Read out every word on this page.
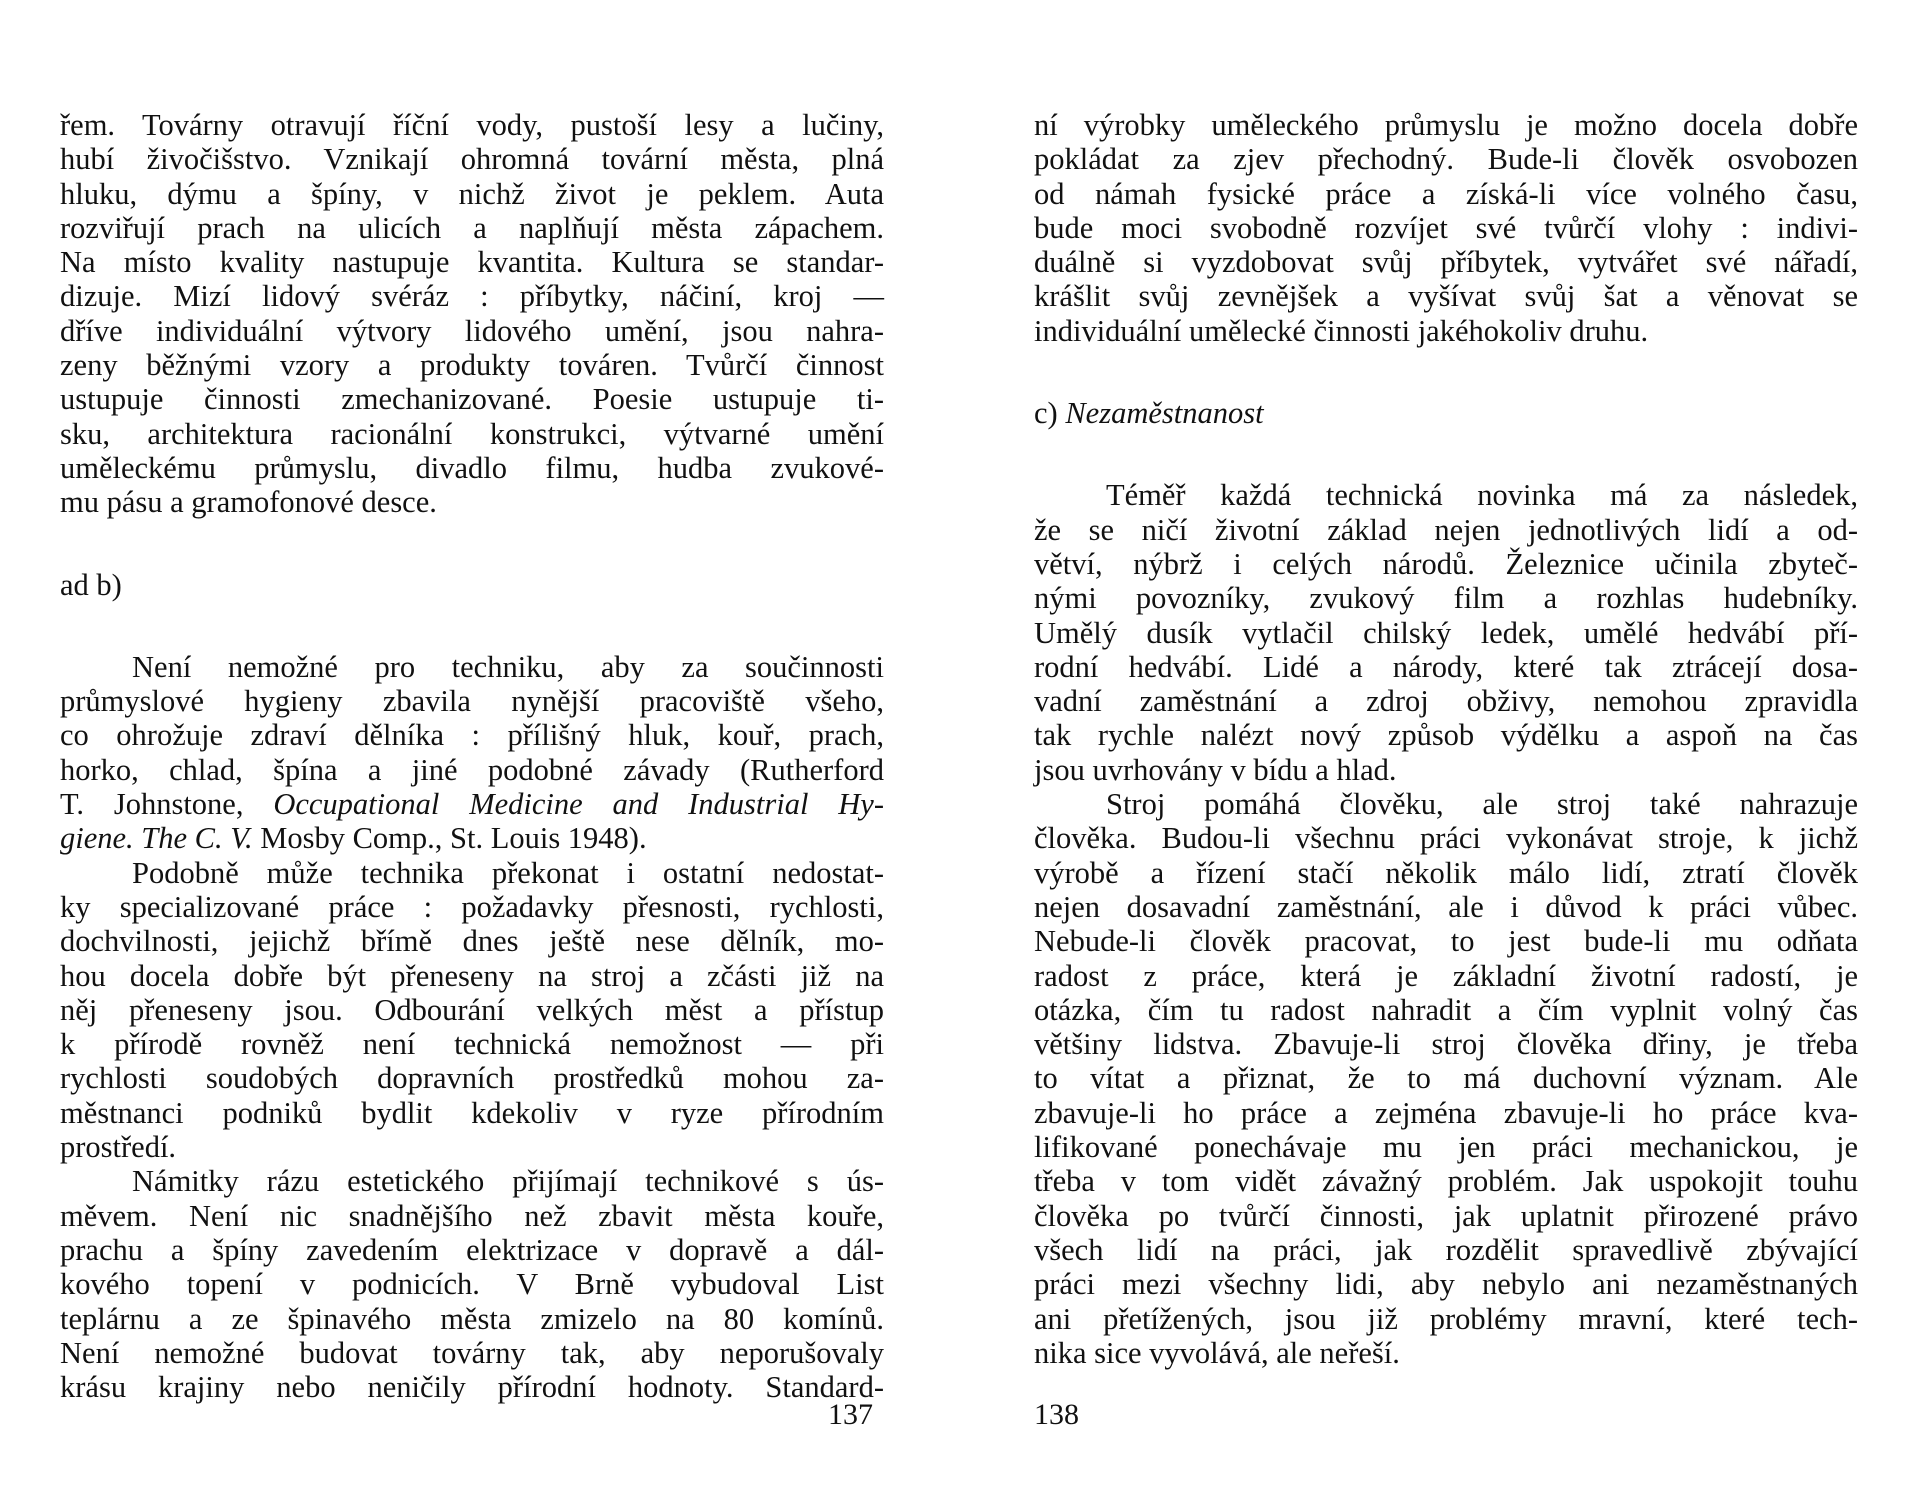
řem. Továrny otravují říční vody, pustoší lesy a lučiny,
hubí živočišstvo. Vznikají ohromná tovární města, plná
hluku, dýmu a špíny, v nichž život je peklem. Auta
rozviřují prach na ulicích a naplňují města zápachem.
Na místo kvality nastupuje kvantita. Kultura se standar-
dizuje. Mizí lidový svéráz : příbytky, náčiní, kroj —
dříve individuální výtvory lidového umění, jsou nahra-
zeny běžnými vzory a produkty továren. Tvůrčí činnost
ustupuje činnosti zmechanizované. Poesie ustupuje ti-
sku, architektura racionální konstrukci, výtvarné umění
uměleckému průmyslu, divadlo filmu, hudba zvukové-
mu pásu a gramofonové desce.
ad b)
Není nemožné pro techniku, aby za součinnosti
průmyslové hygieny zbavila nynější pracoviště všeho,
co ohrožuje zdraví dělníka : přílišný hluk, kouř, prach,
horko, chlad, špína a jiné podobné závady (Rutherford
T. Johnstone, Occupational Medicine and Industrial Hy-
giene. The C. V. Mosby Comp., St. Louis 1948).
Podobně může technika překonat i ostatní nedostat-
ky specializované práce : požadavky přesnosti, rychlosti,
dochvilnosti, jejichž břímě dnes ještě nese dělník, mo-
hou docela dobře být přeneseny na stroj a zčásti již na
něj přeneseny jsou. Odbourání velkých měst a přístup
k přírodě rovněž není technická nemožnost — při
rychlosti soudobých dopravních prostředků mohou za-
městnanci podniků bydlit kdekoliv v ryze přírodním
prostředí.
Námitky rázu estetického přijímají technikové s ús-
měvem. Není nic snadnějšího než zbavit města kouře,
prachu a špíny zavedením elektrizace v dopravě a dál-
kového topení v podnicích. V Brně vybudoval List
teplárnu a ze špinavého města zmizelo na 80 komínů.
Není nemožné budovat továrny tak, aby neporušovaly
krásu krajiny nebo neničily přírodní hodnoty. Standard-
137
ní výrobky uměleckého průmyslu je možno docela dobře
pokládat za zjev přechodný. Bude-li člověk osvobozen
od námah fysické práce a získá-li více volného času,
bude moci svobodně rozvíjet své tvůrčí vlohy : indivi-
duálně si vyzdobovat svůj příbytek, vytvářet své nářadí,
krášlit svůj zevnějšek a vyšívat svůj šat a věnovat se
individuální umělecké činnosti jakéhokoliv druhu.
c) Nezaměstnanost
Téměř každá technická novinka má za následek,
že se ničí životní základ nejen jednotlivých lidí a od-
větví, nýbrž i celých národů. Železnice učinila zbyteč-
nými povozníky, zvukový film a rozhlas hudebníky.
Umělý dusík vytlačil chilský ledek, umělé hedvábí pří-
rodní hedvábí. Lidé a národy, které tak ztrácejí dosa-
vadní zaměstnání a zdroj obživy, nemohou zpravidla
tak rychle nalézt nový způsob výdělku a aspoň na čas
jsou uvrhovány v bídu a hlad.
Stroj pomáhá člověku, ale stroj také nahrazuje
člověka. Budou-li všechnu práci vykonávat stroje, k jichž
výrobě a řízení stačí několik málo lidí, ztratí člověk
nejen dosavadní zaměstnání, ale i důvod k práci vůbec.
Nebude-li člověk pracovat, to jest bude-li mu odňata
radost z práce, která je základní životní radostí, je
otázka, čím tu radost nahradit a čím vyplnit volný čas
většiny lidstva. Zbavuje-li stroj člověka dřiny, je třeba
to vítat a přiznat, že to má duchovní význam. Ale
zbavuje-li ho práce a zejména zbavuje-li ho práce kva-
lifikované ponechávaje mu jen práci mechanickou, je
třeba v tom vidět závažný problém. Jak uspokojit touhu
člověka po tvůrčí činnosti, jak uplatnit přirozené právo
všech lidí na práci, jak rozdělit spravedlivě zbývající
práci mezi všechny lidi, aby nebylo ani nezaměstnaných
ani přetížených, jsou již problémy mravní, které tech-
nika sice vyvolává, ale neřeší.
138
